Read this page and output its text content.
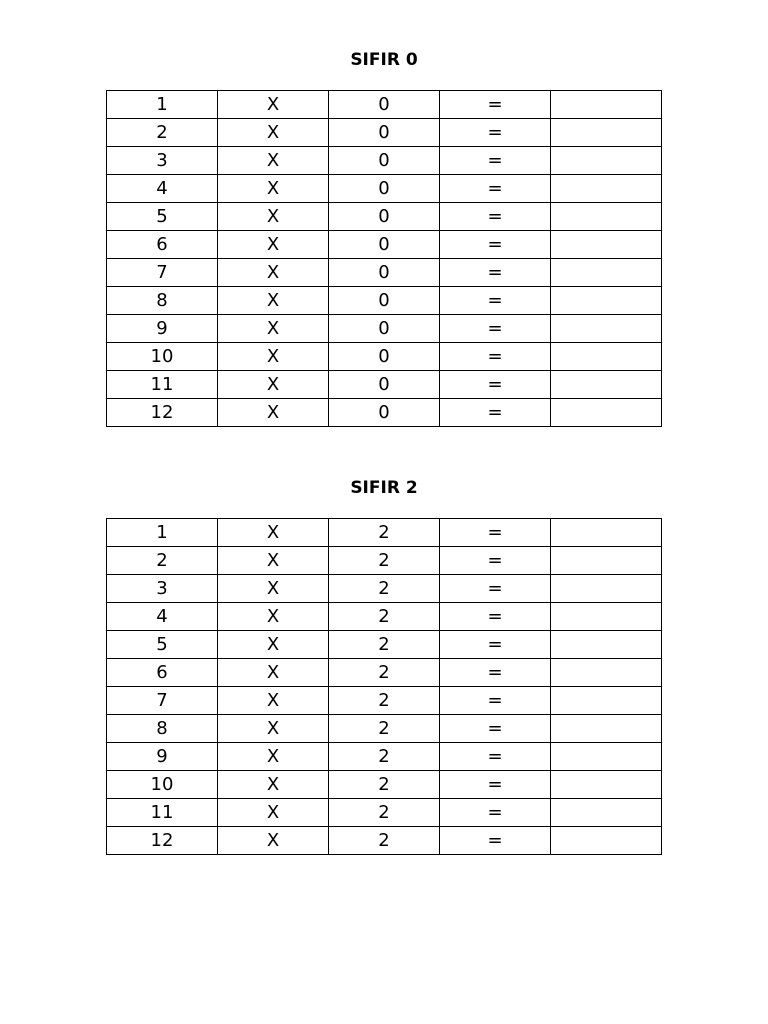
SIFIR 0
1	X	0	=	
2	X	0	=	
3	X	0	=	
4	X	0	=	
5	X	0	=	
6	X	0	=	
7	X	0	=	
8	X	0	=	
9	X	0	=	
10	X	0	=	
11	X	0	=	
12	X	0	=	
SIFIR 2
1	X	2	=	
2	X	2	=	
3	X	2	=	
4	X	2	=	
5	X	2	=	
6	X	2	=	
7	X	2	=	
8	X	2	=	
9	X	2	=	
10	X	2	=	
11	X	2	=	
12	X	2	=	
